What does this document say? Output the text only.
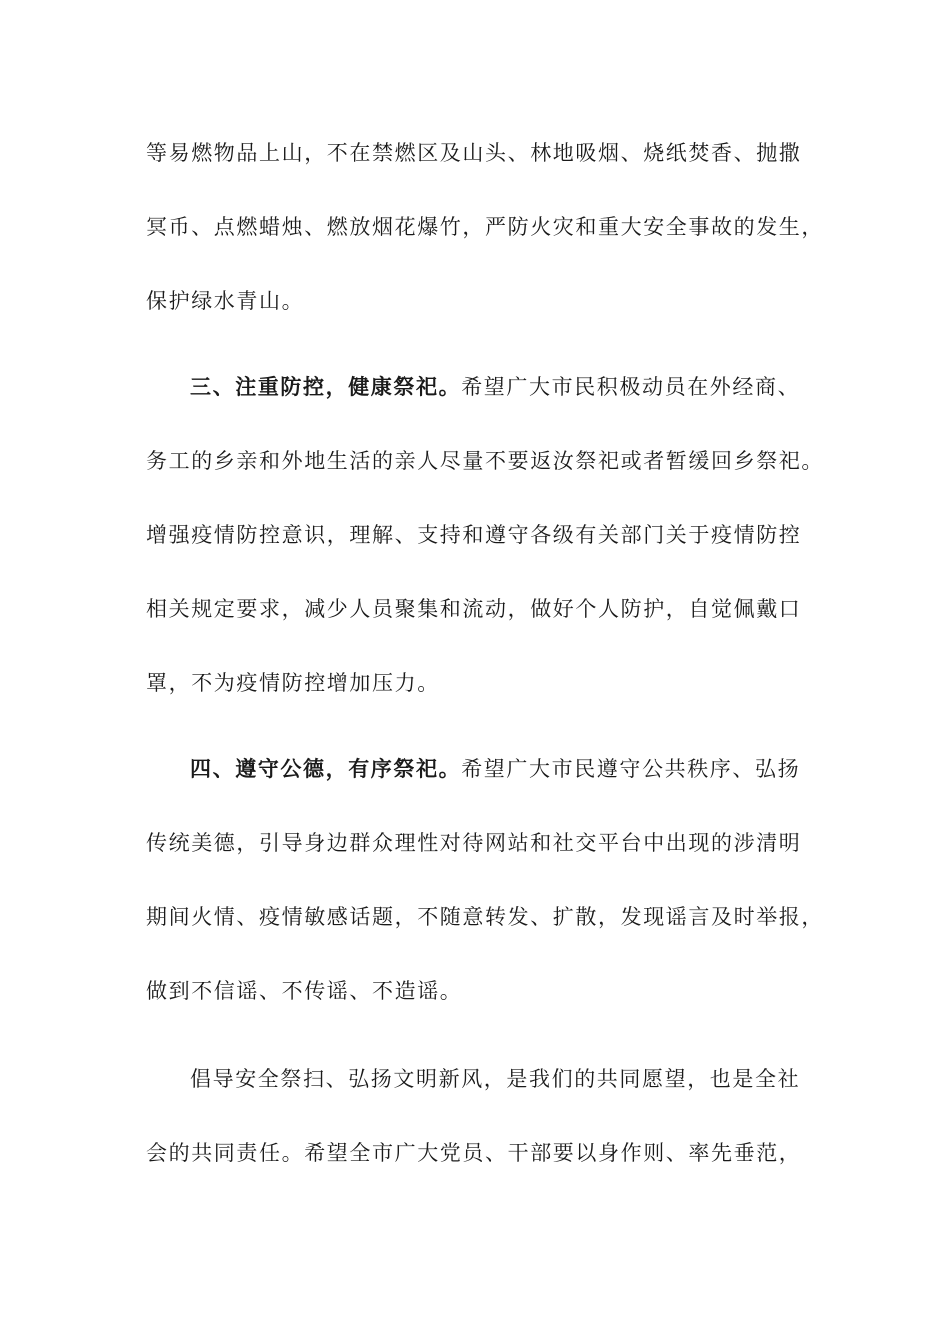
等易燃物品上山，不在禁燃区及山头、林地吸烟、烧纸焚香、抛撒
冥币、点燃蜡烛、燃放烟花爆竹，严防火灾和重大安全事故的发生，
保护绿水青山。
三、注重防控，健康祭祀。希望广大市民积极动员在外经商、
务工的乡亲和外地生活的亲人尽量不要返汝祭祀或者暂缓回乡祭祀。
增强疫情防控意识，理解、支持和遵守各级有关部门关于疫情防控
相关规定要求，减少人员聚集和流动，做好个人防护，自觉佩戴口
罩，不为疫情防控增加压力。
四、遵守公德，有序祭祀。希望广大市民遵守公共秩序、弘扬
传统美德，引导身边群众理性对待网站和社交平台中出现的涉清明
期间火情、疫情敏感话题，不随意转发、扩散，发现谣言及时举报，
做到不信谣、不传谣、不造谣。
倡导安全祭扫、弘扬文明新风，是我们的共同愿望，也是全社
会的共同责任。希望全市广大党员、干部要以身作则、率先垂范，
